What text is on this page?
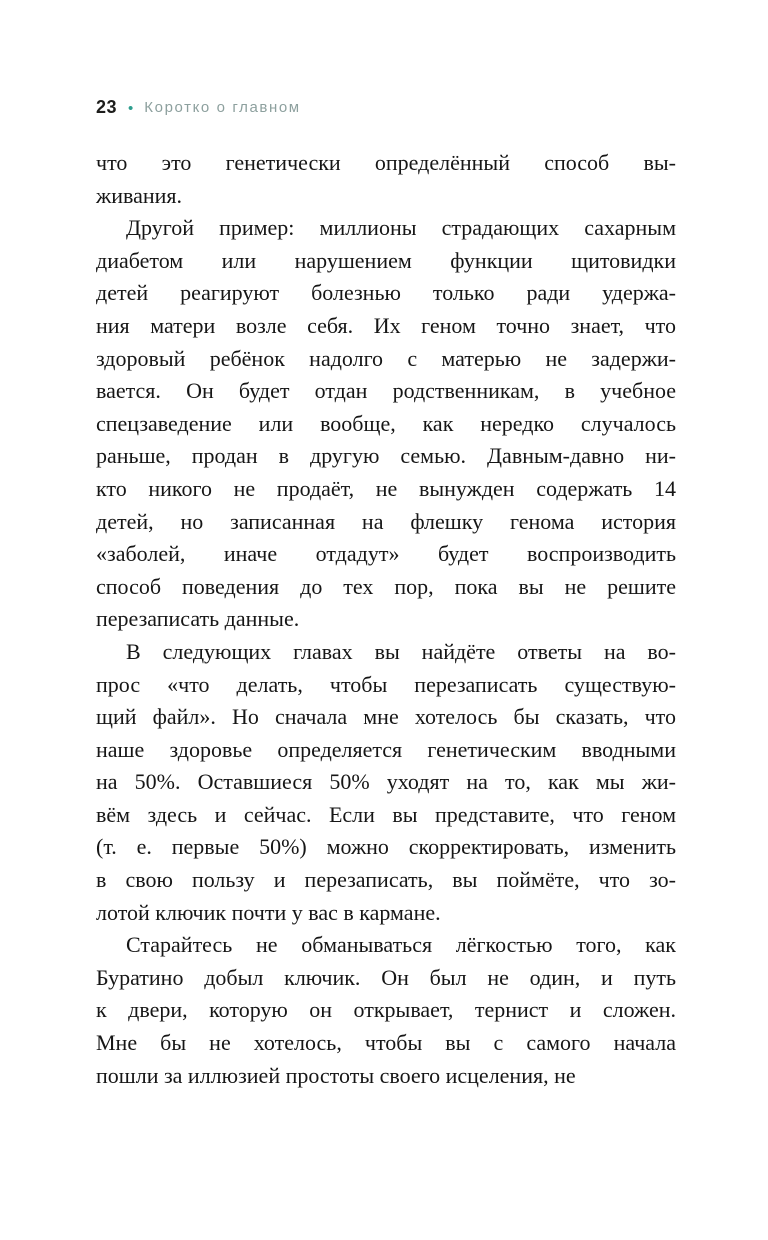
23 • Коротко о главном
что это генетически определённый способ вы-
живания.
Другой пример: миллионы страдающих сахарным
диабетом или нарушением функции щитовидки
детей реагируют болезнью только ради удержа-
ния матери возле себя. Их геном точно знает, что
здоровый ребёнок надолго с матерью не задержи-
вается. Он будет отдан родственникам, в учебное
спецзаведение или вообще, как нередко случалось
раньше, продан в другую семью. Давным-давно ни-
кто никого не продаёт, не вынужден содержать 14
детей, но записанная на флешку генома история
«заболей, иначе отдадут» будет воспроизводить
способ поведения до тех пор, пока вы не решите
перезаписать данные.
В следующих главах вы найдёте ответы на во-
прос «что делать, чтобы перезаписать существую-
щий файл». Но сначала мне хотелось бы сказать, что
наше здоровье определяется генетическим вводными
на 50%. Оставшиеся 50% уходят на то, как мы жи-
вём здесь и сейчас. Если вы представите, что геном
(т. е. первые 50%) можно скорректировать, изменить
в свою пользу и перезаписать, вы поймёте, что зо-
лотой ключик почти у вас в кармане.
Старайтесь не обманываться лёгкостью того, как
Буратино добыл ключик. Он был не один, и путь
к двери, которую он открывает, тернист и сложен.
Мне бы не хотелось, чтобы вы с самого начала
пошли за иллюзией простоты своего исцеления, не
